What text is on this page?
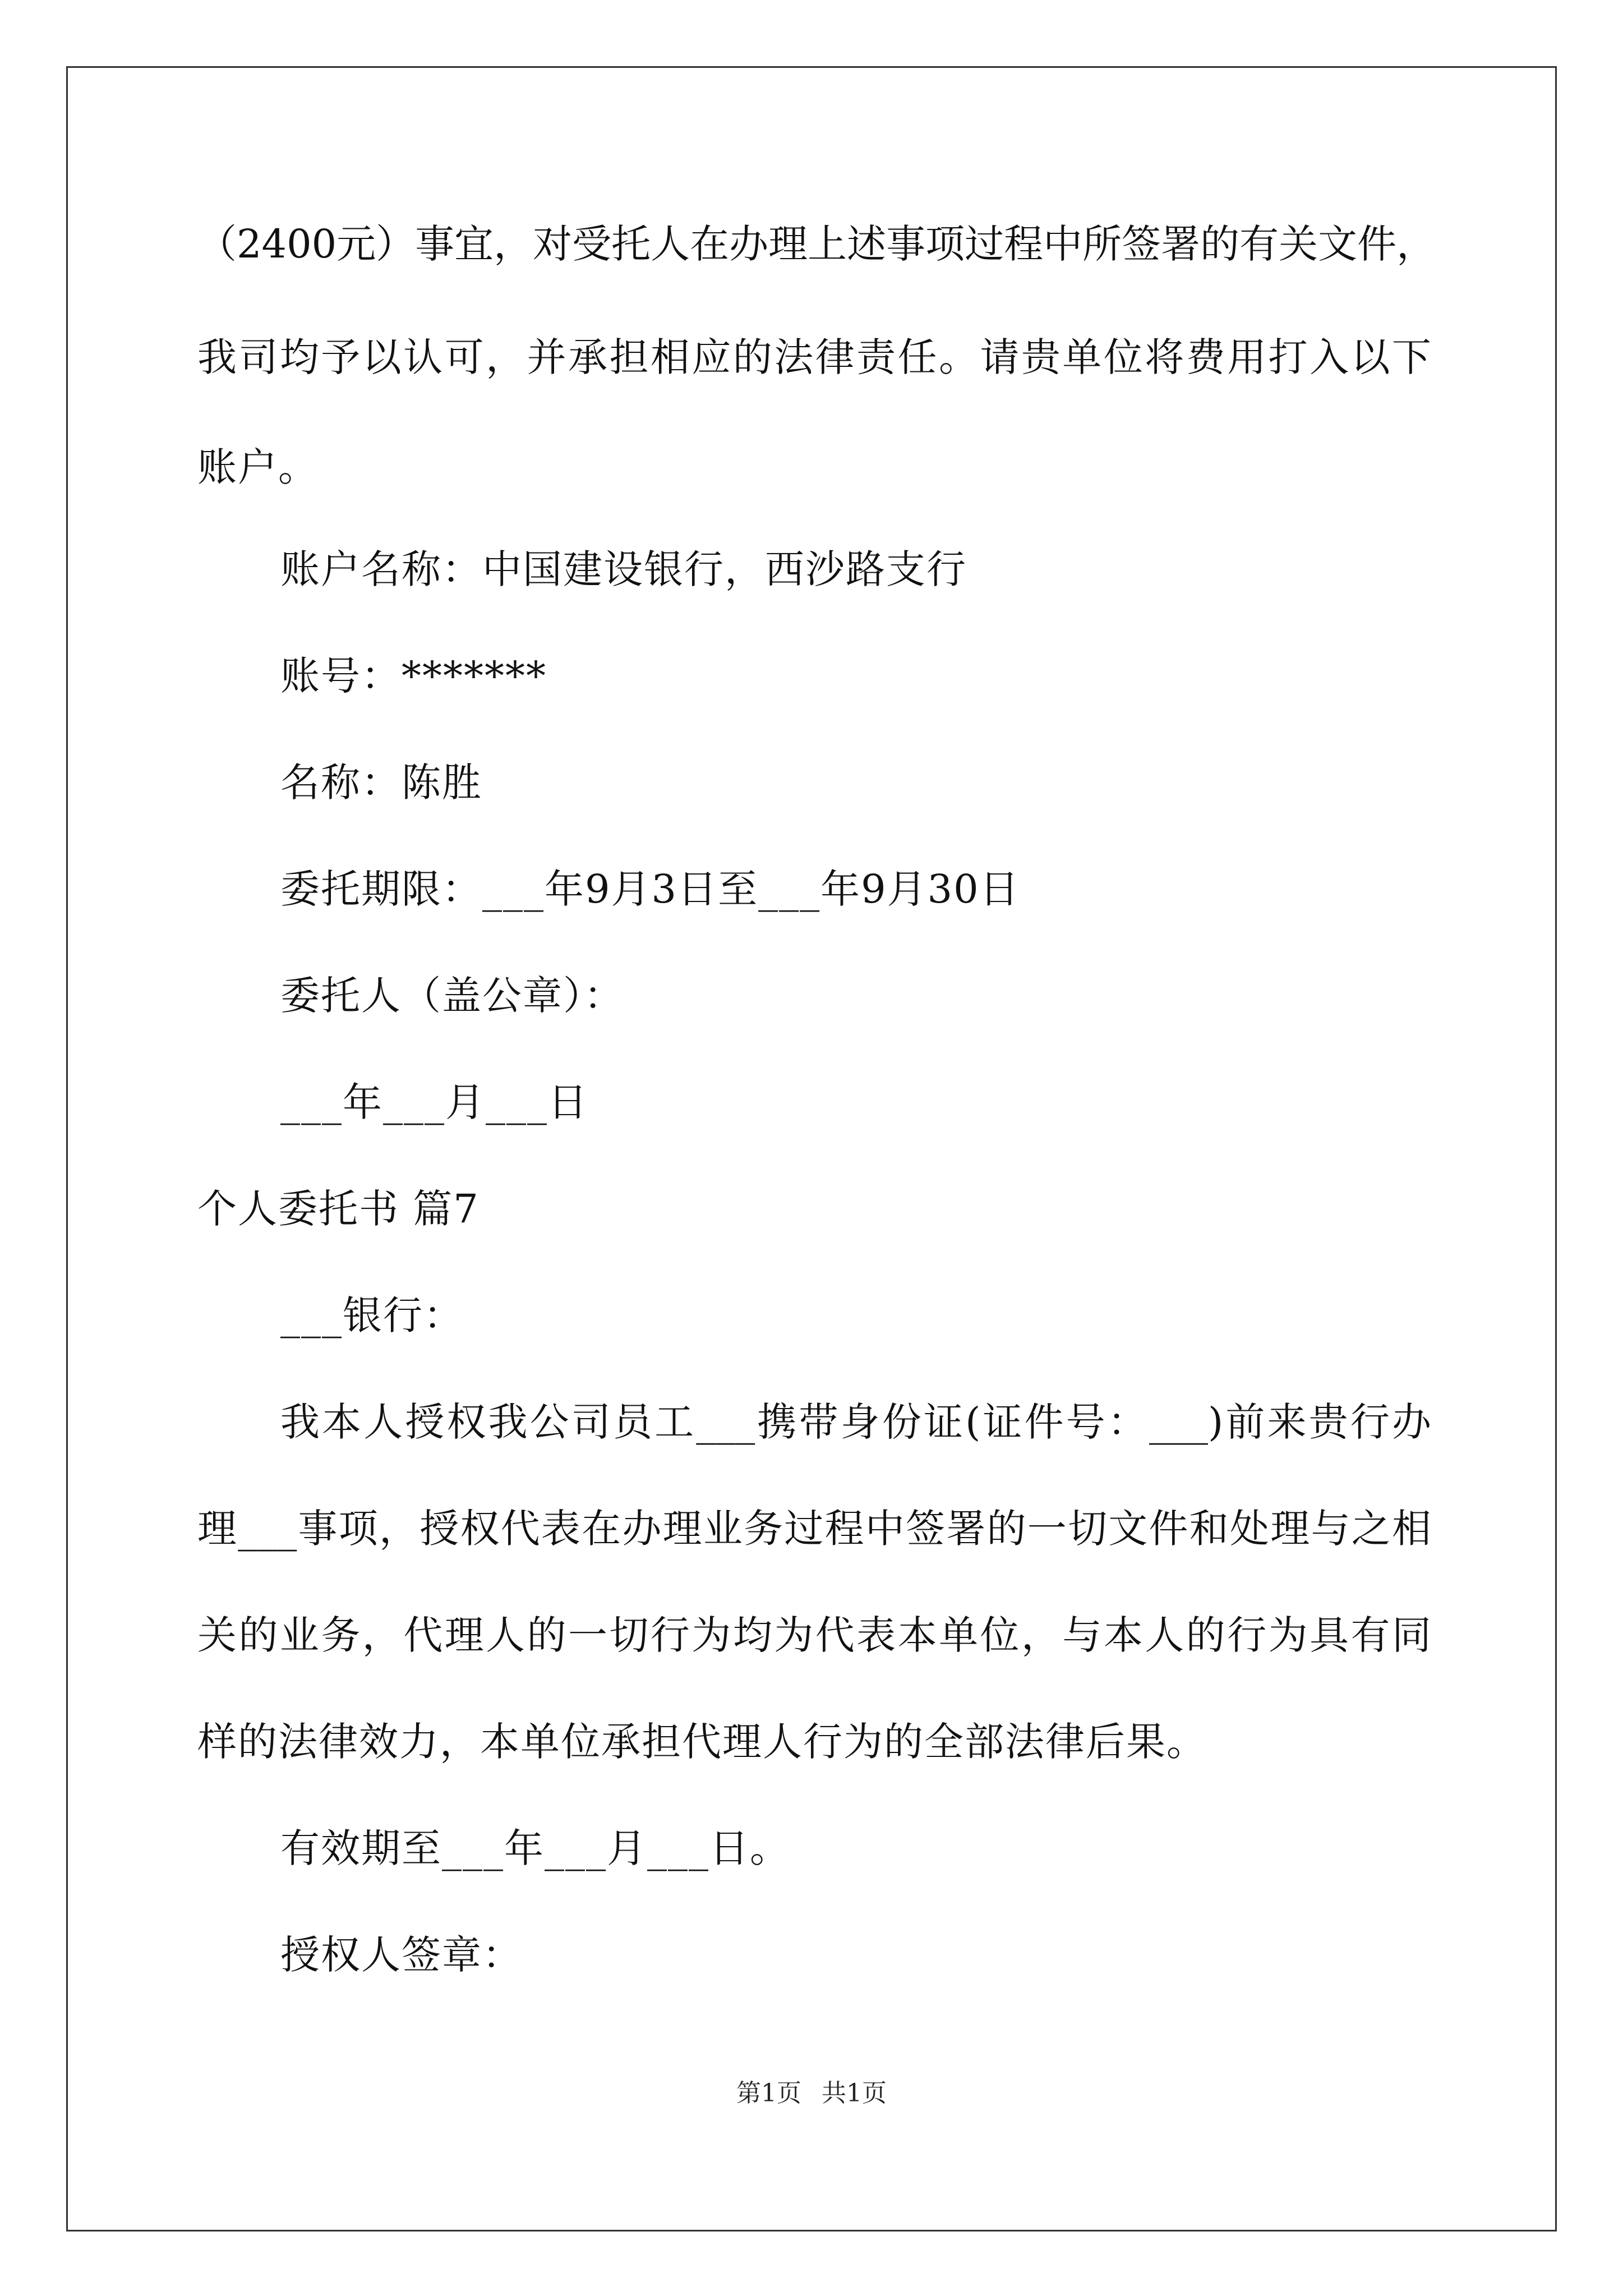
（2400元）事宜，对受托人在办理上述事项过程中所签署的有关文件，
我司均予以认可，并承担相应的法律责任。请贵单位将费用打入以下
账户。
账户名称：中国建设银行，西沙路支行
账号：*******
名称：陈胜
委托期限：___年9月3日至___年9月30日
委托人（盖公章）：
___年___月___日
个人委托书 篇7
___银行：
我本人授权我公司员工___携带身份证(证件号：___)前来贵行办
理___事项，授权代表在办理业务过程中签署的一切文件和处理与之相
关的业务，代理人的一切行为均为代表本单位，与本人的行为具有同
样的法律效力，本单位承担代理人行为的全部法律后果。
有效期至___年___月___日。
授权人签章：
第1页 共1页
